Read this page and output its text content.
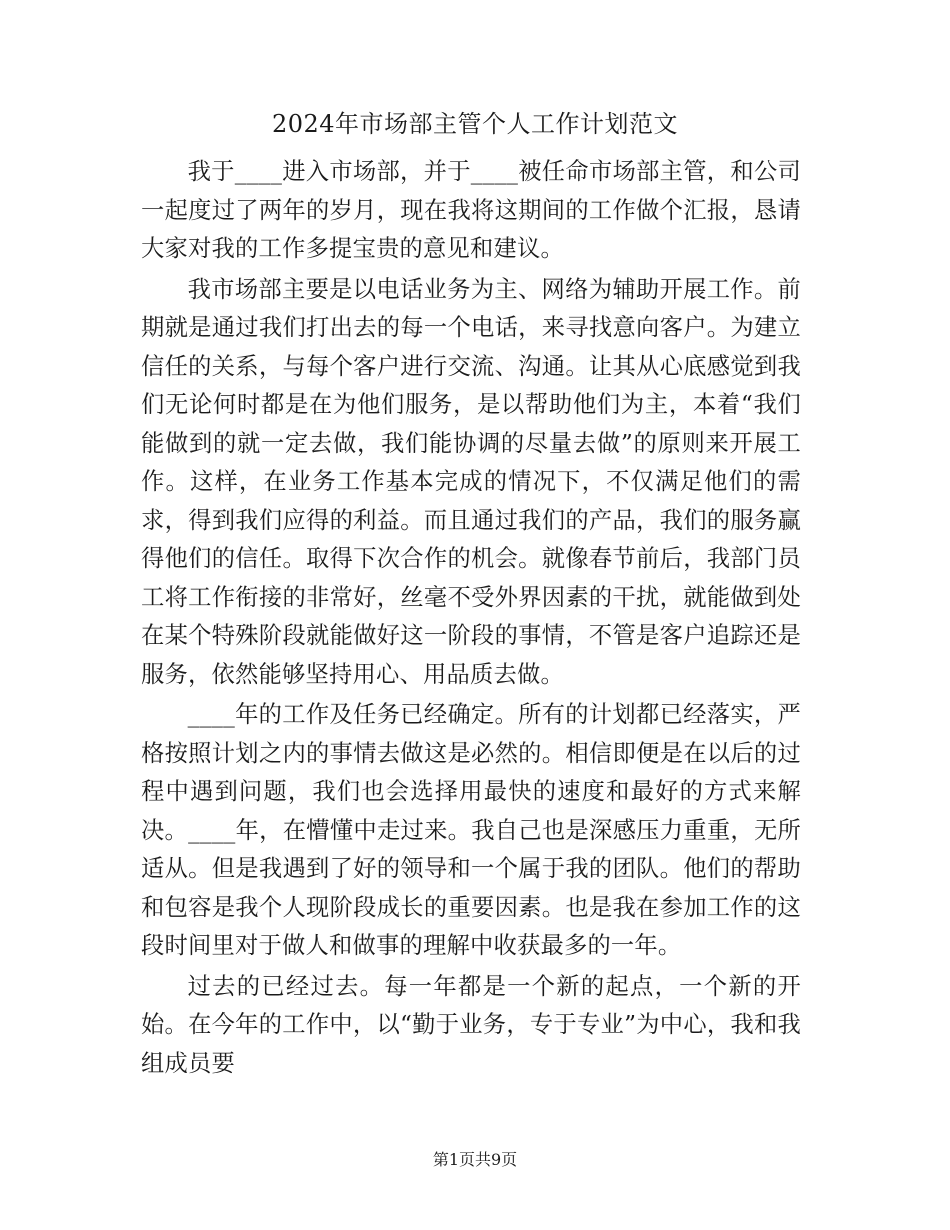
2024年市场部主管个人工作计划范文

我于____进入市场部，并于____被任命市场部主管，和公司一起度过了两年的岁月，现在我将这期间的工作做个汇报，恳请大家对我的工作多提宝贵的意见和建议。

我市场部主要是以电话业务为主、网络为辅助开展工作。前期就是通过我们打出去的每一个电话，来寻找意向客户。为建立信任的关系，与每个客户进行交流、沟通。让其从心底感觉到我们无论何时都是在为他们服务，是以帮助他们为主，本着“我们能做到的就一定去做，我们能协调的尽量去做”的原则来开展工作。这样，在业务工作基本完成的情况下，不仅满足他们的需求，得到我们应得的利益。而且通过我们的产品，我们的服务赢得他们的信任。取得下次合作的机会。就像春节前后，我部门员工将工作衔接的非常好，丝毫不受外界因素的干扰，就能做到处在某个特殊阶段就能做好这一阶段的事情，不管是客户追踪还是服务，依然能够坚持用心、用品质去做。

____年的工作及任务已经确定。所有的计划都已经落实，严格按照计划之内的事情去做这是必然的。相信即便是在以后的过程中遇到问题，我们也会选择用最快的速度和最好的方式来解决。____年，在懵懂中走过来。我自己也是深感压力重重，无所适从。但是我遇到了好的领导和一个属于我的团队。他们的帮助和包容是我个人现阶段成长的重要因素。也是我在参加工作的这段时间里对于做人和做事的理解中收获最多的一年。

过去的已经过去。每一年都是一个新的起点，一个新的开始。在今年的工作中，以“勤于业务，专于专业”为中心，我和我组成员要

第1页共9页
